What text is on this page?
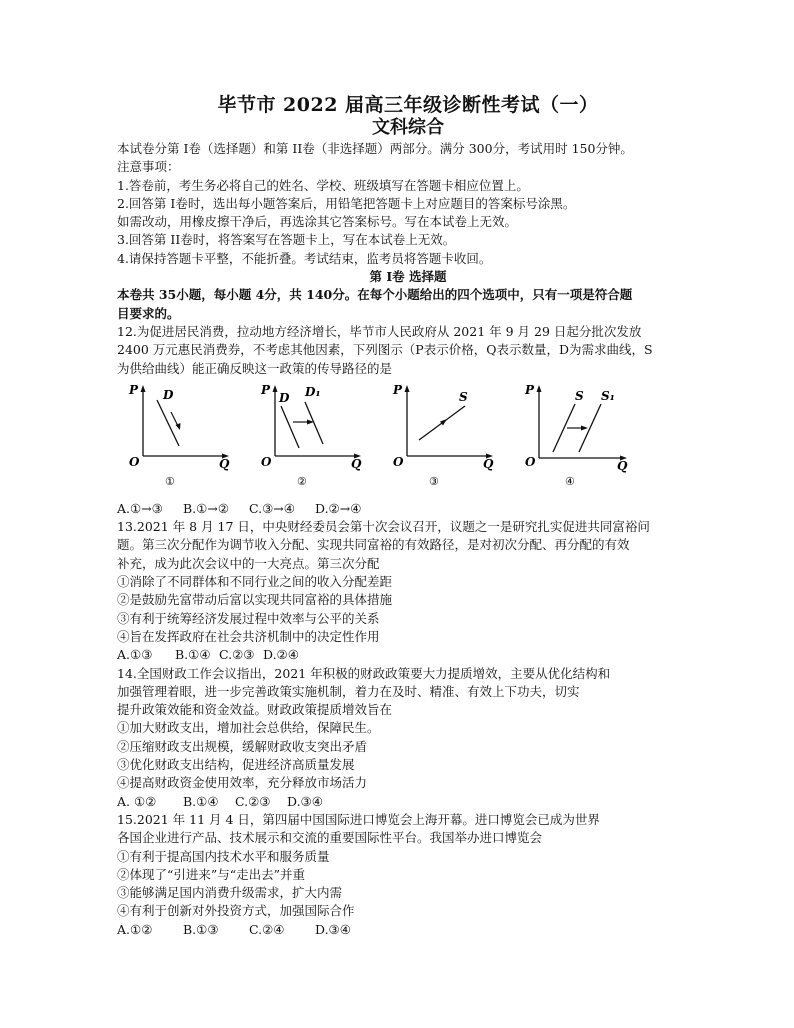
毕节市 2022 届高三年级诊断性考试（一）
文科综合

本试卷分第 I卷（选择题）和第 II卷（非选择题）两部分。满分 300分，考试用时 150分钟。

注意事项：

1.答卷前，考生务必将自己的姓名、学校、班级填写在答题卡相应位置上。

2.回答第 I卷时，选出每小题答案后，用铅笔把答题卡上对应题目的答案标号涂黑。

如需改动，用橡皮擦干净后，再选涂其它答案标号。写在本试卷上无效。

3.回答第 II卷时，将答案写在答题卡上，写在本试卷上无效。

4.请保持答题卡平整，不能折叠。考试结束，监考员将答题卡收回。

第 I卷 选择题

本卷共 35小题，每小题 4分，共 140分。在每个小题给出的四个选项中，只有一项是符合题

目要求的。

12.为促进居民消费，拉动地方经济增长，毕节市人民政府从 2021 年 9 月 29 日起分批次发放

2400 万元惠民消费券，不考虑其他因素，下列图示（P表示价格，Q表示数量，D为需求曲线，S

为供给曲线）能正确反映这一政策的传导路径的是

P
O	Q
D
①
P
O	Q
D D₁
②
P
O	Q
S
③
P
O	Q
S S₁
④

A.①→③ B.①→② C.③→④ D.②→④

13.2021 年 8 月 17 日，中央财经委员会第十次会议召开，议题之一是研究扎实促进共同富裕问

题。第三次分配作为调节收入分配、实现共同富裕的有效路径，是对初次分配、再分配的有效

补充，成为此次会议中的一大亮点。第三次分配

①消除了不同群体和不同行业之间的收入分配差距

②是鼓励先富带动后富以实现共同富裕的具体措施

③有利于统筹经济发展过程中效率与公平的关系

④旨在发挥政府在社会共济机制中的决定性作用

A.①③ B.①④ C.②③ D.②④

14.全国财政工作会议指出，2021 年积极的财政政策要大力提质增效，主要从优化结构和

加强管理着眼，进一步完善政策实施机制，着力在及时、精准、有效上下功夫，切实

提升政策效能和资金效益。财政政策提质增效旨在

①加大财政支出，增加社会总供给，保障民生。

②压缩财政支出规模，缓解财政收支突出矛盾

③优化财政支出结构，促进经济高质量发展

④提高财政资金使用效率，充分释放市场活力

A. ①② B.①④ C.②③ D.③④

15.2021 年 11 月 4 日，第四届中国国际进口博览会上海开幕。进口博览会已成为世界

各国企业进行产品、技术展示和交流的重要国际性平台。我国举办进口博览会

①有利于提高国内技术水平和服务质量

②体现了“引进来”与“走出去”并重

③能够满足国内消费升级需求，扩大内需

④有利于创新对外投资方式，加强国际合作

A.①② B.①③ C.②④ D.③④
